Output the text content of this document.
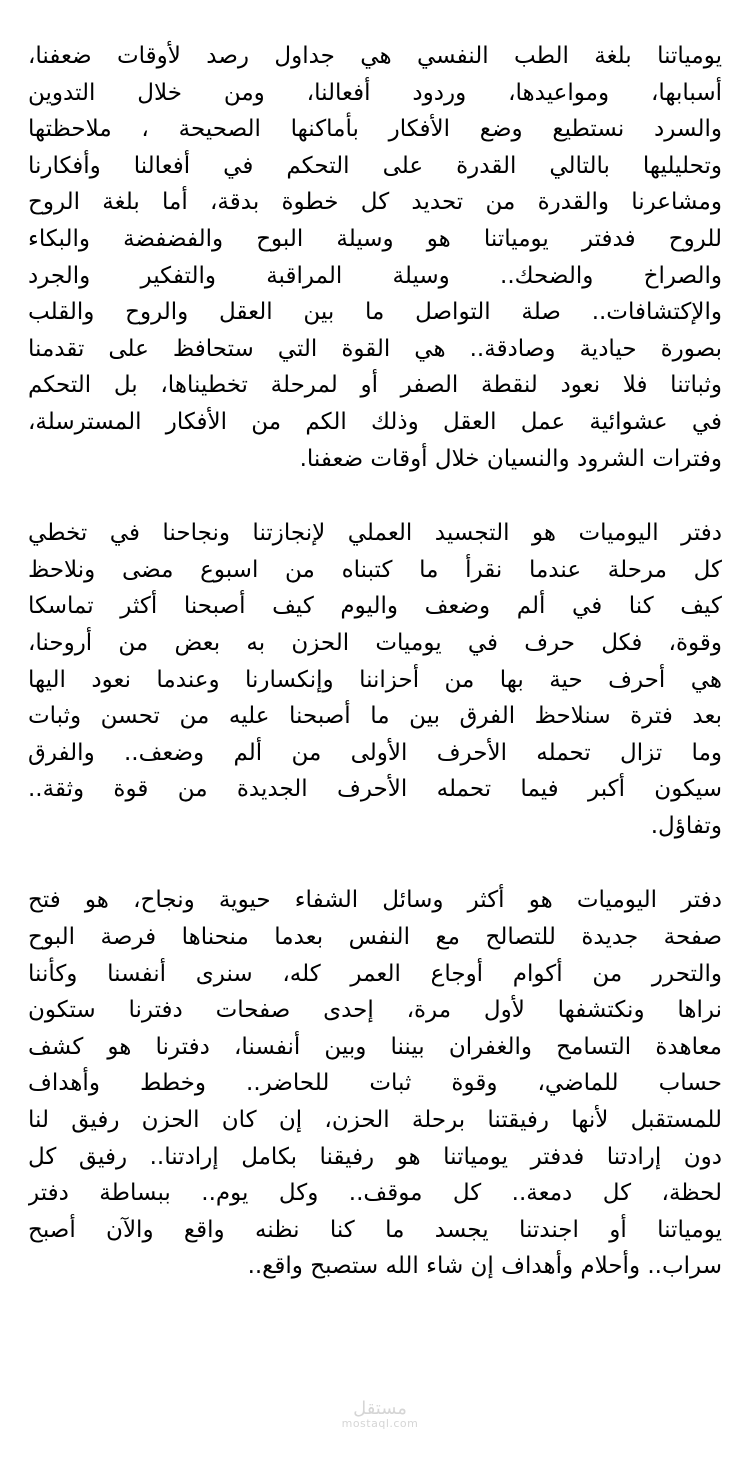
يومياتنا بلغة الطب النفسي هي جداول رصد لأوقات ضعفنا،
أسبابها، ومواعيدها، وردود أفعالنا، ومن خلال التدوين
والسرد نستطيع وضع الأفكار بأماكنها الصحيحة ، ملاحظتها
وتحليليها بالتالي القدرة على التحكم في أفعالنا وأفكارنا
ومشاعرنا والقدرة من تحديد كل خطوة بدقة، أما بلغة الروح
للروح فدفتر يومياتنا هو وسيلة البوح والفضفضة والبكاء
والصراخ والضحك.. وسيلة المراقبة والتفكير والجرد
والإكتشافات.. صلة التواصل ما بين العقل والروح والقلب
بصورة حيادية وصادقة.. هي القوة التي ستحافظ على تقدمنا
وثباتنا فلا نعود لنقطة الصفر أو لمرحلة تخطيناها، بل التحكم
في عشوائية عمل العقل وذلك الكم من الأفكار المسترسلة،
وفترات الشرود والنسيان خلال أوقات ضعفنا.
دفتر اليوميات هو التجسيد العملي لإنجازتنا ونجاحنا في تخطي
كل مرحلة عندما نقرأ ما كتبناه من اسبوع مضى ونلاحظ
كيف كنا في ألم وضعف واليوم كيف أصبحنا أكثر تماسكا
وقوة، فكل حرف في يوميات الحزن به بعض من أروحنا،
هي أحرف حية بها من أحزاننا وإنكسارنا وعندما نعود اليها
بعد فترة سنلاحظ الفرق بين ما أصبحنا عليه من تحسن وثبات
وما تزال تحمله الأحرف الأولى من ألم وضعف.. والفرق
سيكون أكبر فيما تحمله الأحرف الجديدة من قوة وثقة..
وتفاؤل.
دفتر اليوميات هو أكثر وسائل الشفاء حيوية ونجاح، هو فتح
صفحة جديدة للتصالح مع النفس بعدما منحناها فرصة البوح
والتحرر من أكوام أوجاع العمر كله، سنرى أنفسنا وكأننا
نراها ونكتشفها لأول مرة، إحدى صفحات دفترنا ستكون
معاهدة التسامح والغفران بيننا وبين أنفسنا، دفترنا هو كشف
حساب للماضي، وقوة ثبات للحاضر.. وخطط وأهداف
للمستقبل لأنها رفيقتنا برحلة الحزن، إن كان الحزن رفيق لنا
دون إرادتنا فدفتر يومياتنا هو رفيقنا بكامل إرادتنا.. رفيق كل
لحظة، كل دمعة.. كل موقف.. وكل يوم.. ببساطة دفتر
يومياتنا أو اجندتنا يجسد ما كنا نظنه واقع والآن أصبح
سراب.. وأحلام وأهداف إن شاء الله ستصبح واقع..
مستقل
mostaql.com
